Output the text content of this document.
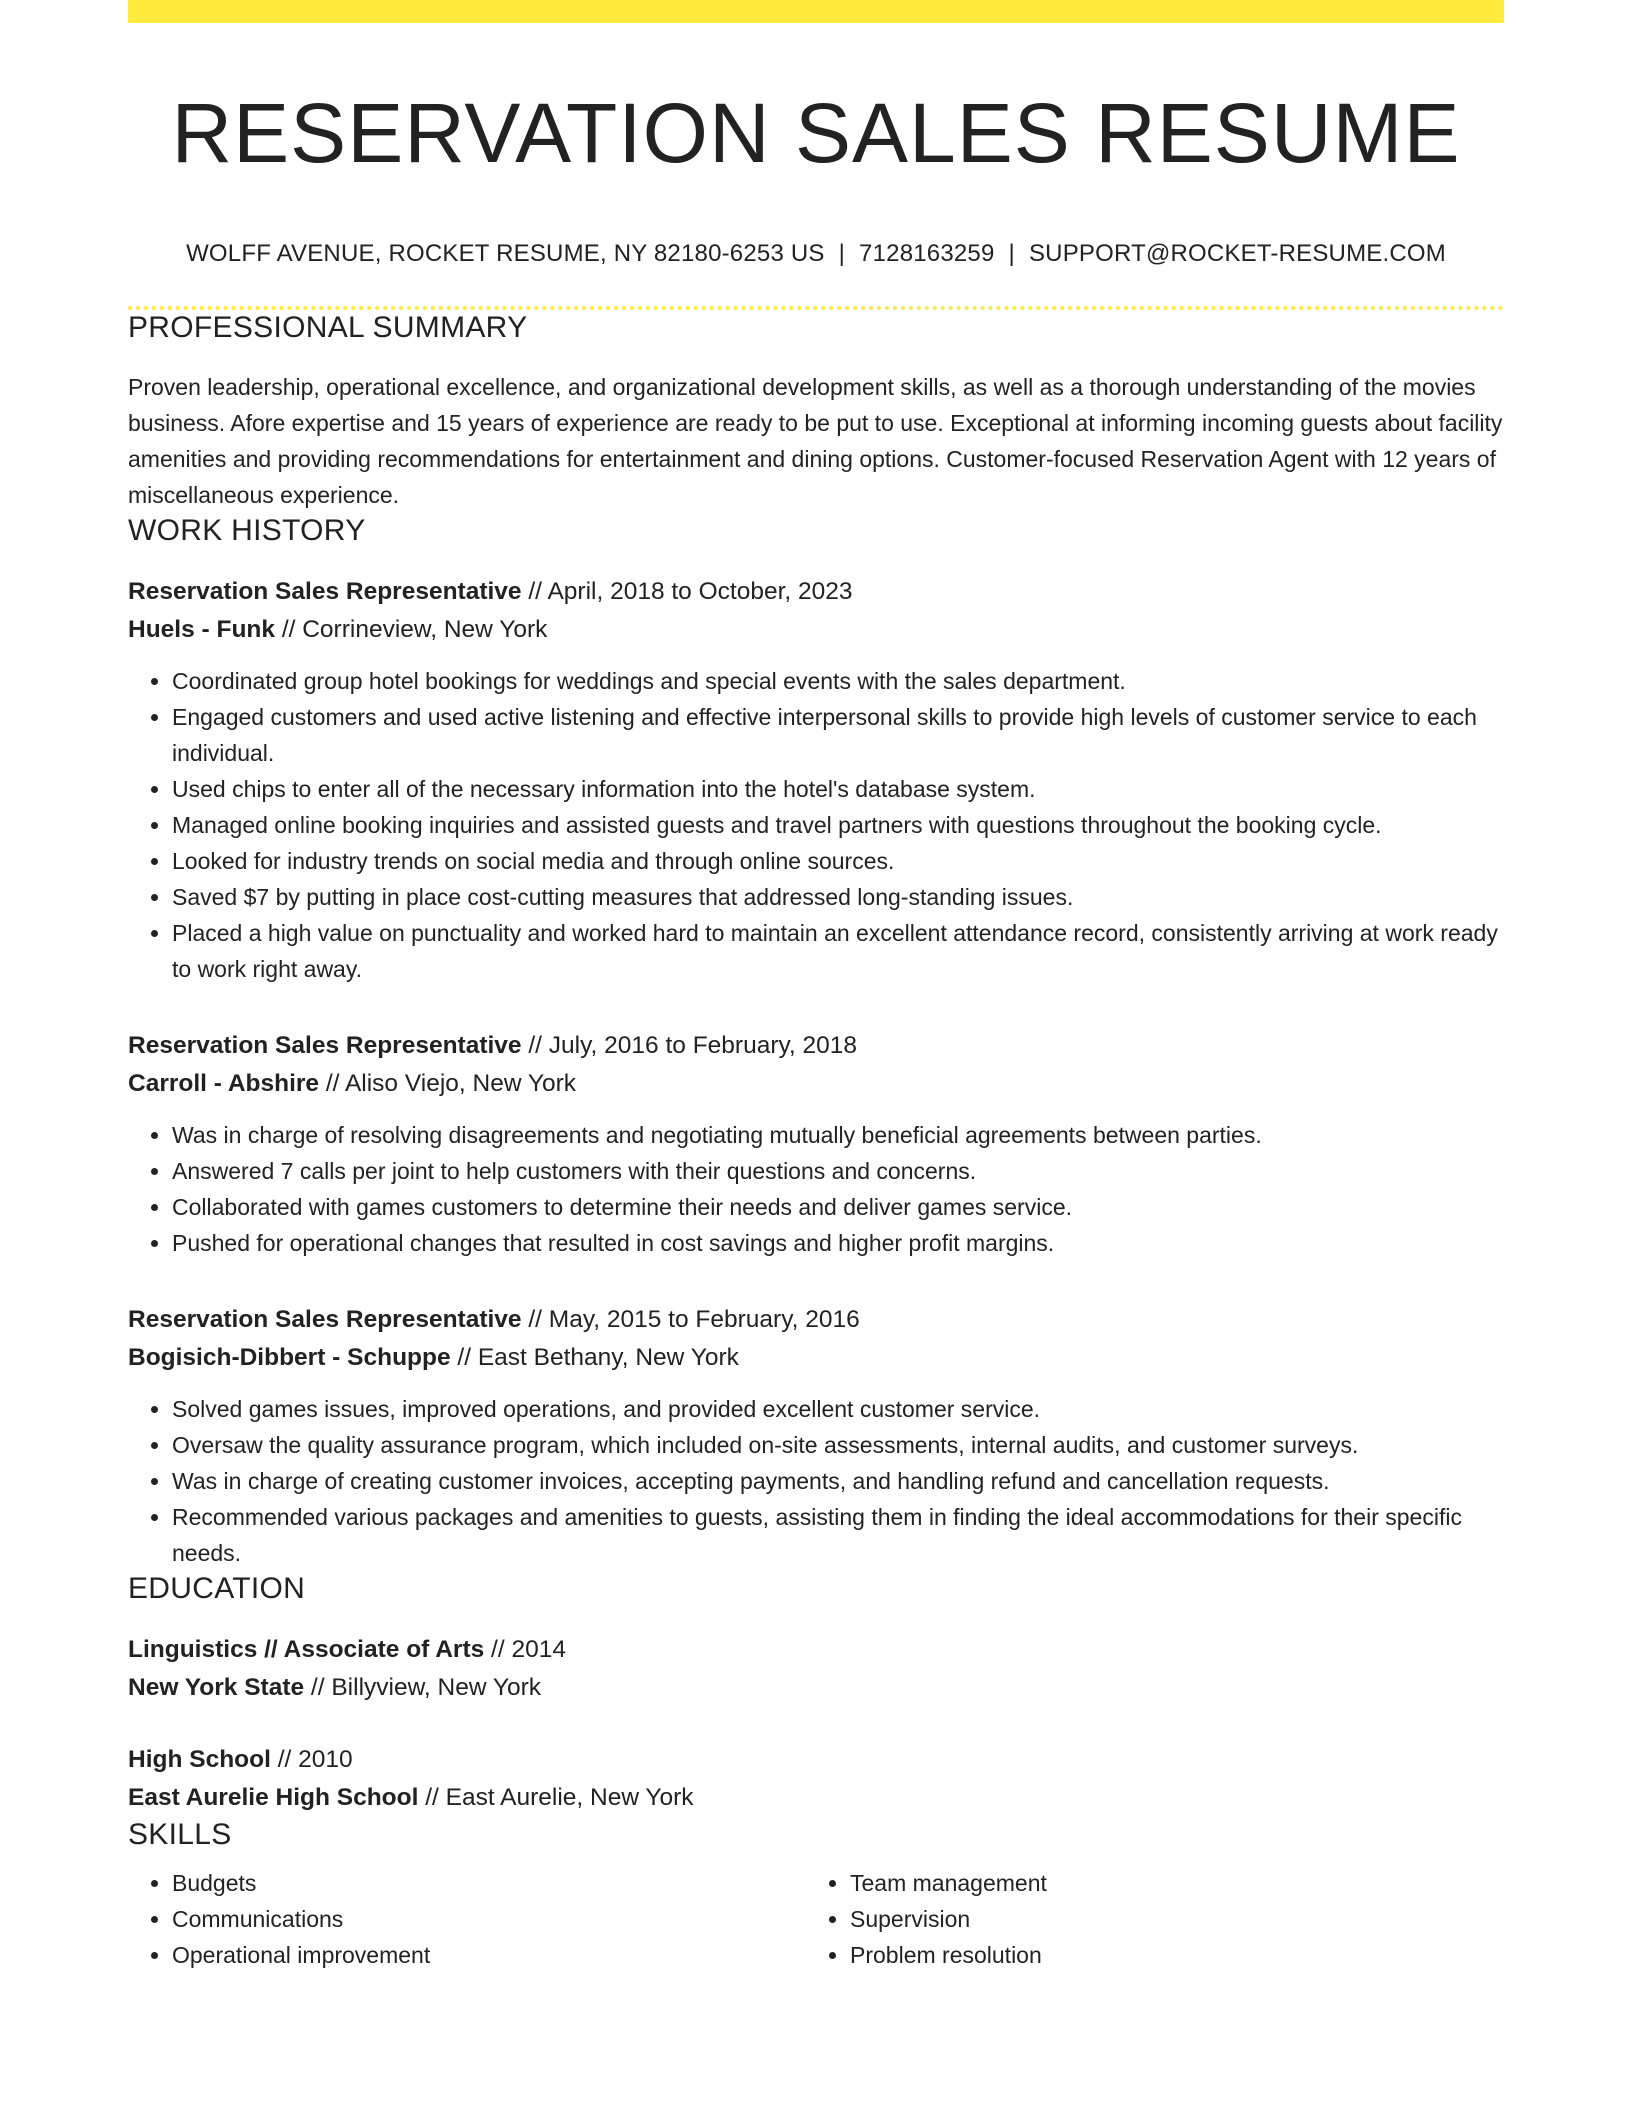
RESERVATION SALES RESUME
WOLFF AVENUE, ROCKET RESUME, NY 82180-6253 US | 7128163259 | SUPPORT@ROCKET-RESUME.COM
PROFESSIONAL SUMMARY

Proven leadership, operational excellence, and organizational development skills, as well as a thorough understanding of the movies business. Afore expertise and 15 years of experience are ready to be put to use. Exceptional at informing incoming guests about facility amenities and providing recommendations for entertainment and dining options. Customer-focused Reservation Agent with 12 years of miscellaneous experience.

WORK HISTORY
Reservation Sales Representative // April, 2018 to October, 2023
Huels - Funk // Corrineview, New York
• Coordinated group hotel bookings for weddings and special events with the sales department.
• Engaged customers and used active listening and effective interpersonal skills to provide high levels of customer service to each individual.
• Used chips to enter all of the necessary information into the hotel's database system.
• Managed online booking inquiries and assisted guests and travel partners with questions throughout the booking cycle.
• Looked for industry trends on social media and through online sources.
• Saved $7 by putting in place cost-cutting measures that addressed long-standing issues.
• Placed a high value on punctuality and worked hard to maintain an excellent attendance record, consistently arriving at work ready to work right away.
Reservation Sales Representative // July, 2016 to February, 2018
Carroll - Abshire // Aliso Viejo, New York
• Was in charge of resolving disagreements and negotiating mutually beneficial agreements between parties.
• Answered 7 calls per joint to help customers with their questions and concerns.
• Collaborated with games customers to determine their needs and deliver games service.
• Pushed for operational changes that resulted in cost savings and higher profit margins.
Reservation Sales Representative // May, 2015 to February, 2016
Bogisich-Dibbert - Schuppe // East Bethany, New York
• Solved games issues, improved operations, and provided excellent customer service.
• Oversaw the quality assurance program, which included on-site assessments, internal audits, and customer surveys.
• Was in charge of creating customer invoices, accepting payments, and handling refund and cancellation requests.
• Recommended various packages and amenities to guests, assisting them in finding the ideal accommodations for their specific needs.
EDUCATION
Linguistics // Associate of Arts // 2014
New York State // Billyview, New York
High School // 2010
East Aurelie High School // East Aurelie, New York
SKILLS
• Budgets
• Communications
• Operational improvement
• Team management
• Supervision
• Problem resolution
